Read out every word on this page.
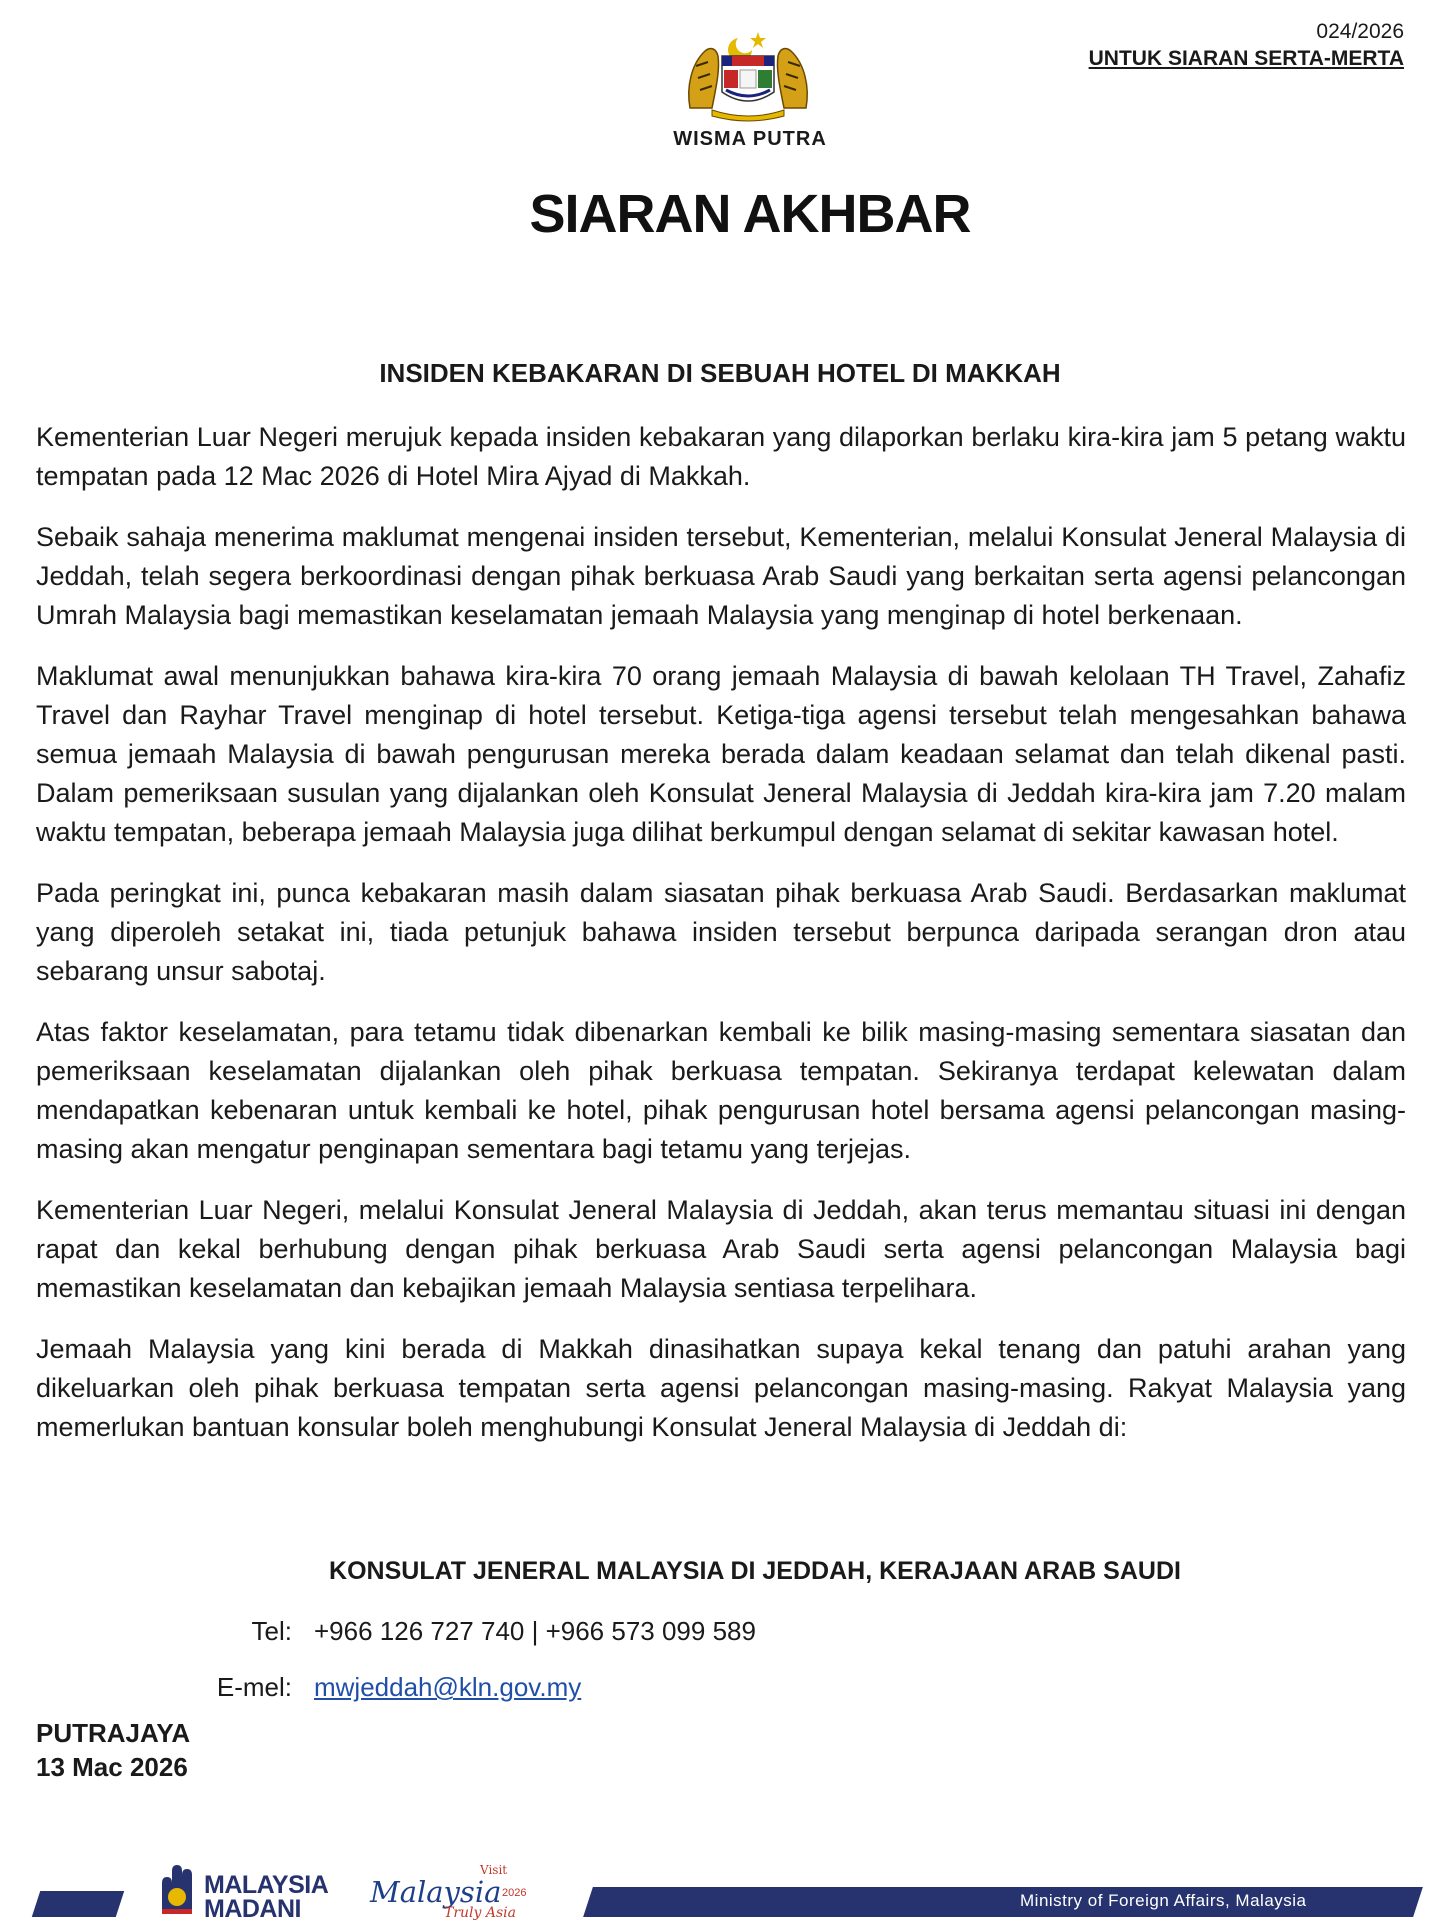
024/2026
UNTUK SIARAN SERTA-MERTA
WISMA PUTRA
SIARAN AKHBAR
INSIDEN KEBAKARAN DI SEBUAH HOTEL DI MAKKAH

Kementerian Luar Negeri merujuk kepada insiden kebakaran yang dilaporkan berlaku kira-kira jam 5 petang waktu tempatan pada 12 Mac 2026 di Hotel Mira Ajyad di Makkah.

Sebaik sahaja menerima maklumat mengenai insiden tersebut, Kementerian, melalui Konsulat Jeneral Malaysia di Jeddah, telah segera berkoordinasi dengan pihak berkuasa Arab Saudi yang berkaitan serta agensi pelancongan Umrah Malaysia bagi memastikan keselamatan jemaah Malaysia yang menginap di hotel berkenaan.

Maklumat awal menunjukkan bahawa kira-kira 70 orang jemaah Malaysia di bawah kelolaan TH Travel, Zahafiz Travel dan Rayhar Travel menginap di hotel tersebut. Ketiga-tiga agensi tersebut telah mengesahkan bahawa semua jemaah Malaysia di bawah pengurusan mereka berada dalam keadaan selamat dan telah dikenal pasti. Dalam pemeriksaan susulan yang dijalankan oleh Konsulat Jeneral Malaysia di Jeddah kira-kira jam 7.20 malam waktu tempatan, beberapa jemaah Malaysia juga dilihat berkumpul dengan selamat di sekitar kawasan hotel.

Pada peringkat ini, punca kebakaran masih dalam siasatan pihak berkuasa Arab Saudi. Berdasarkan maklumat yang diperoleh setakat ini, tiada petunjuk bahawa insiden tersebut berpunca daripada serangan dron atau sebarang unsur sabotaj.

Atas faktor keselamatan, para tetamu tidak dibenarkan kembali ke bilik masing-masing sementara siasatan dan pemeriksaan keselamatan dijalankan oleh pihak berkuasa tempatan. Sekiranya terdapat kelewatan dalam mendapatkan kebenaran untuk kembali ke hotel, pihak pengurusan hotel bersama agensi pelancongan masing-masing akan mengatur penginapan sementara bagi tetamu yang terjejas.

Kementerian Luar Negeri, melalui Konsulat Jeneral Malaysia di Jeddah, akan terus memantau situasi ini dengan rapat dan kekal berhubung dengan pihak berkuasa Arab Saudi serta agensi pelancongan Malaysia bagi memastikan keselamatan dan kebajikan jemaah Malaysia sentiasa terpelihara.

Jemaah Malaysia yang kini berada di Makkah dinasihatkan supaya kekal tenang dan patuhi arahan yang dikeluarkan oleh pihak berkuasa tempatan serta agensi pelancongan masing-masing. Rakyat Malaysia yang memerlukan bantuan konsular boleh menghubungi Konsulat Jeneral Malaysia di Jeddah di:

KONSULAT JENERAL MALAYSIA DI JEDDAH, KERAJAAN ARAB SAUDI
Tel: +966 126 727 740 | +966 573 099 589
E-mel: mwjeddah@kln.gov.my
PUTRAJAYA
13 Mac 2026
MALAYSIA
MADANI
Visit
Malaysia 2026
Truly Asia
Ministry of Foreign Affairs, Malaysia
